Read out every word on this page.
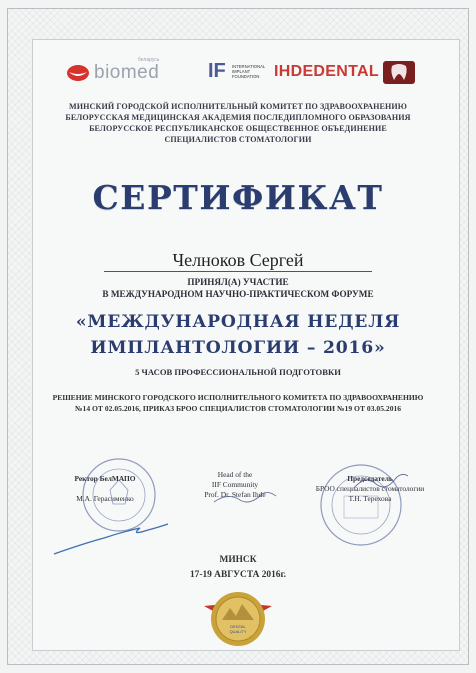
biomed
беларусь IF INTERNATIONAL IMPLANT FOUNDATION IHDEDENTAL
МИНСКИЙ ГОРОДСКОЙ ИСПОЛНИТЕЛЬНЫЙ КОМИТЕТ ПО ЗДРАВООХРАНЕНИЮ
БЕЛОРУССКАЯ МЕДИЦИНСКАЯ АКАДЕМИЯ ПОСЛЕДИПЛОМНОГО ОБРАЗОВАНИЯ
БЕЛОРУССКОЕ РЕСПУБЛИКАНСКОЕ ОБЩЕСТВЕННОЕ ОБЪЕДИНЕНИЕ
СПЕЦИАЛИСТОВ СТОМАТОЛОГИИ
СЕРТИФИКАТ
Челноков Сергей
ПРИНЯЛ(А) УЧАСТИЕ
В МЕЖДУНАРОДНОМ НАУЧНО-ПРАКТИЧЕСКОМ ФОРУМЕ
«МЕЖДУНАРОДНАЯ НЕДЕЛЯ
ИМПЛАНТОЛОГИИ – 2016»
5 ЧАСОВ ПРОФЕССИОНАЛЬНОЙ ПОДГОТОВКИ
РЕШЕНИЕ МИНСКОГО ГОРОДСКОГО ИСПОЛНИТЕЛЬНОГО КОМИТЕТА ПО ЗДРАВООХРАНЕНИЮ
№14 ОТ 02.05.2016, ПРИКАЗ БРОО СПЕЦИАЛИСТОВ СТОМАТОЛОГИИ №19 ОТ 03.05.2016
Ректор БелМАПО
М.А. Герасименко
Head of the
IIF Community
Prof. Dr. Stefan Ihde
Председатель
БРОО специалистов стоматологии
Т.Н. Терехова
МИНСК
17-19 АВГУСТА 2016г.
DENTAL
QUALITY
